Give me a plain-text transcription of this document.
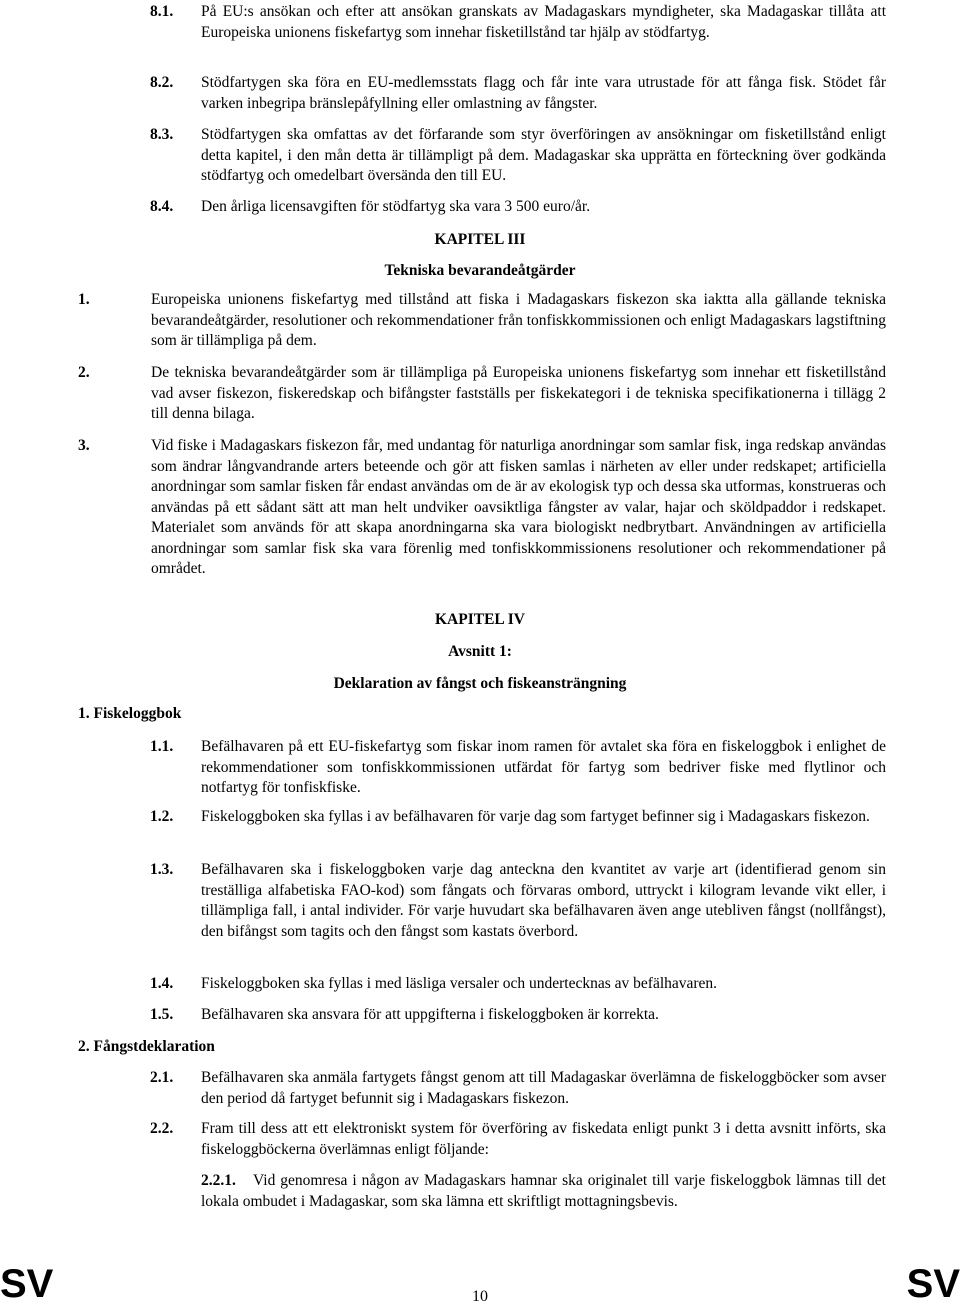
8.1. På EU:s ansökan och efter att ansökan granskats av Madagaskars myndigheter, ska Madagaskar tillåta att Europeiska unionens fiskefartyg som innehar fisketillstånd tar hjälp av stödfartyg.
8.2. Stödfartygen ska föra en EU-medlemsstats flagg och får inte vara utrustade för att fånga fisk. Stödet får varken inbegripa bränslepåfyllning eller omlastning av fångster.
8.3. Stödfartygen ska omfattas av det förfarande som styr överföringen av ansökningar om fisketillstånd enligt detta kapitel, i den mån detta är tillämpligt på dem. Madagaskar ska upprätta en förteckning över godkända stödfartyg och omedelbart översända den till EU.
8.4. Den årliga licensavgiften för stödfartyg ska vara 3 500 euro/år.
KAPITEL III
Tekniska bevarandeåtgärder
1.	Europeiska unionens fiskefartyg med tillstånd att fiska i Madagaskars fiskezon ska iaktta alla gällande tekniska bevarandeåtgärder, resolutioner och rekommendationer från tonfiskkommissionen och enligt Madagaskars lagstiftning som är tillämpliga på dem.
2.	De tekniska bevarandeåtgärder som är tillämpliga på Europeiska unionens fiskefartyg som innehar ett fisketillstånd vad avser fiskezon, fiskeredskap och bifångster fastställs per fiskekategori i de tekniska specifikationerna i tillägg 2 till denna bilaga.
3.	Vid fiske i Madagaskars fiskezon får, med undantag för naturliga anordningar som samlar fisk, inga redskap användas som ändrar långvandrande arters beteende och gör att fisken samlas i närheten av eller under redskapet; artificiella anordningar som samlar fisken får endast användas om de är av ekologisk typ och dessa ska utformas, konstrueras och användas på ett sådant sätt att man helt undviker oavsiktliga fångster av valar, hajar och sköldpaddor i redskapet. Materialet som används för att skapa anordningarna ska vara biologiskt nedbrytbart. Användningen av artificiella anordningar som samlar fisk ska vara förenlig med tonfiskkommissionens resolutioner och rekommendationer på området.
KAPITEL IV
Avsnitt 1:
Deklaration av fångst och fiskeansträngning
1. Fiskeloggbok
1.1. Befälhavaren på ett EU-fiskefartyg som fiskar inom ramen för avtalet ska föra en fiskeloggbok i enlighet de rekommendationer som tonfiskkommissionen utfärdat för fartyg som bedriver fiske med flytlinor och notfartyg för tonfiskfiske.
1.2. Fiskeloggboken ska fyllas i av befälhavaren för varje dag som fartyget befinner sig i Madagaskars fiskezon.
1.3. Befälhavaren ska i fiskeloggboken varje dag anteckna den kvantitet av varje art (identifierad genom sin treställiga alfabetiska FAO-kod) som fångats och förvaras ombord, uttryckt i kilogram levande vikt eller, i tillämpliga fall, i antal individer. För varje huvudart ska befälhavaren även ange utebliven fångst (nollfångst), den bifångst som tagits och den fångst som kastats överbord.
1.4. Fiskeloggboken ska fyllas i med läsliga versaler och undertecknas av befälhavaren.
1.5. Befälhavaren ska ansvara för att uppgifterna i fiskeloggboken är korrekta.
2. Fångstdeklaration
2.1. Befälhavaren ska anmäla fartygets fångst genom att till Madagaskar överlämna de fiskeloggböcker som avser den period då fartyget befunnit sig i Madagaskars fiskezon.
2.2. Fram till dess att ett elektroniskt system för överföring av fiskedata enligt punkt 3 i detta avsnitt införts, ska fiskeloggböckerna överlämnas enligt följande:
2.2.1.	Vid genomresa i någon av Madagaskars hamnar ska originalet till varje fiskeloggbok lämnas till det lokala ombudet i Madagaskar, som ska lämna ett skriftligt mottagningsbevis.
SV	SV
10
